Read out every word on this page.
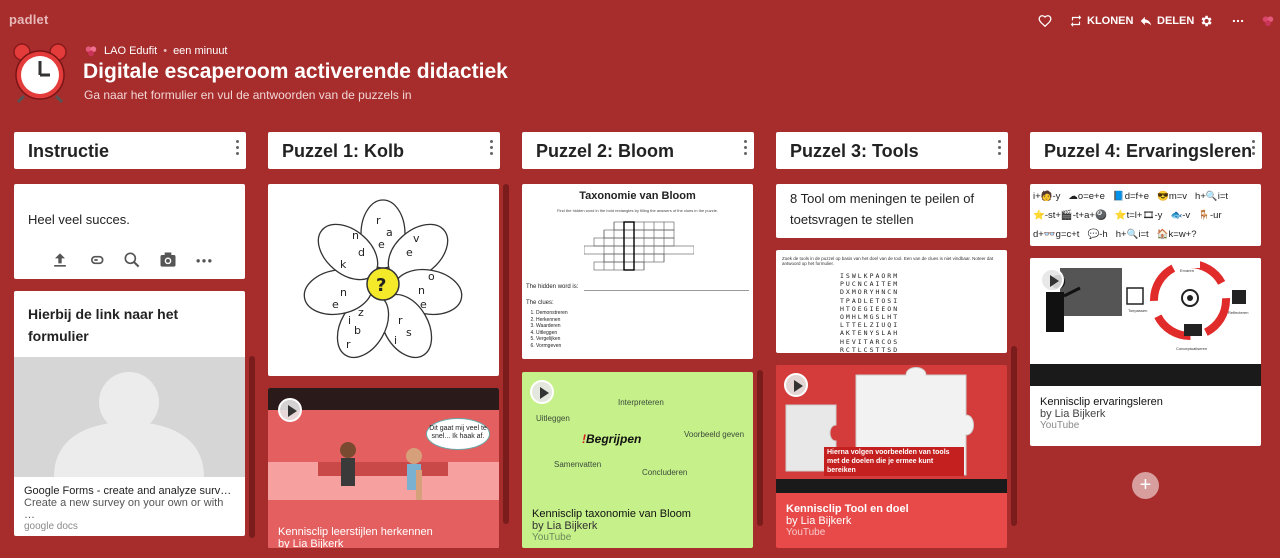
padlet	KLONEN DELEN
LAO Edufit • een minuut
Digitale escaperoom activerende didactiek
Ga naar het formulier en vul de antwoorden van de puzzels in
Instructie
Heel veel succes.
Hierbij de link naar het formulier
Google Forms - create and analyze surv…
Create a new survey on your own or with …
google docs
Puzzel 1: Kolb
r
a
e	v
e
n
d
k
o
n
e
r
i
s
z
i
b
e
n
r
?
Dit gaat mij veel te snel... Ik haak af.
Kennisclip leerstijlen herkennen
by Lia Bijkerk
Puzzel 2: Bloom
Taxonomie van Bloom
Find the hidden word in the bold rectangles by filling the answers of the clues in the puzzle.
The hidden word is:
The clues:
1. Demonstreren
2. Herkennen
3. Waarderen
4. Uitleggen
5. Vergelijken
6. Vormgeven
Interpreteren
Uitleggen
!Begrijpen	Voorbeeld geven
Samenvatten
Concluderen
Kennisclip taxonomie van Bloom
by Lia Bijkerk
YouTube
Puzzel 3: Tools
8 Tool om meningen te peilen of toetsvragen te stellen
Zoek de tools in de puzzel op basis van het doel van de tool. Een van de clues is niet vindbaar. Noteer dat antwoord op het formulier.
ISWLKPAORM
PUCNCAITEM
DXMORYHNCN
TPADLETOSI
HTOEGIEEON
OMHLMGSLHT
LTTELZIUQI
AKTENYSLAH
HEVITARCOS
RCTLCSTTSD
Hierna volgen voorbeelden van tools met de doelen die je ermee kunt bereiken
Kennisclip Tool en doel
by Lia Bijkerk
YouTube
Puzzel 4: Ervaringsleren
i+🧑-y ☁o=e+e 📘d=f+e 😎m=v h+🔍i=t
⭐-st+🎬-t+a+🎱 ⭐t=l+🎞-y 🐟-v 🪑-ur
d+👓g=c+t 💬-h h+🔍i=t 🏠k=w+?
Ervaren
Reflecteren
Conceptualiseren
Toepassen
Kennisclip ervaringsleren
by Lia Bijkerk
YouTube
+
